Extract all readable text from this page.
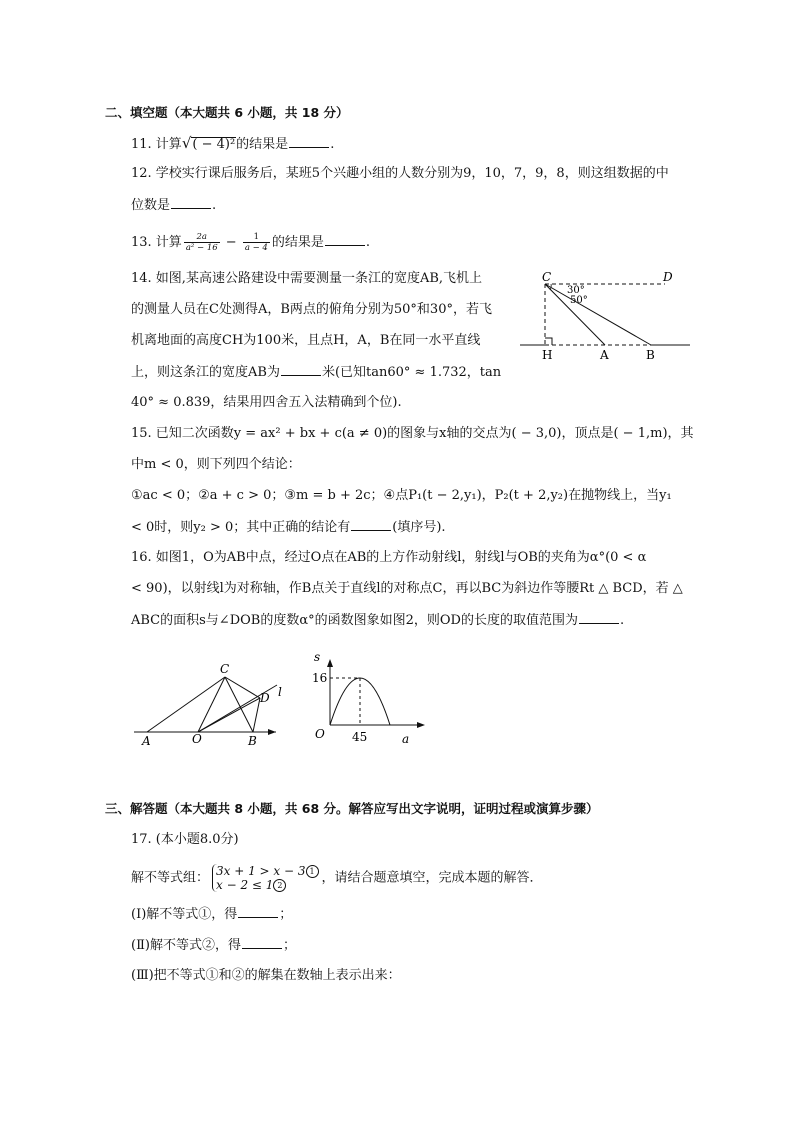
二、填空题（本大题共 6 小题，共 18 分）
11. 计算√( − 4)²的结果是	.
12. 学校实行课后服务后，某班5个兴趣小组的人数分别为9，10，7，9，8，则这组数据的中
位数是	.
13. 计算 $\frac{2a}{\text{a² − 16}} - \frac{1}{a - 4}$ 的结果是	.
14. 如图,某高速公路建设中需要测量一条江的宽度AB,飞机上
的测量人员在C处测得A，B两点的俯角分别为50°和30°，若飞
机离地面的高度CH为100米，且点H，A，B在同一水平直线
上，则这条江的宽度AB为	米(已知tan60° ≈ 1.732，tan
40° ≈ 0.839，结果用四舍五入法精确到个位).
C	D
30°
50°
H	A	B
15. 已知二次函数y = ax² + bx + c(a ≠ 0)的图象与x轴的交点为( − 3,0)，顶点是( − 1,m)，其
中m < 0，则下列四个结论：
①ac < 0；②a + c > 0；③m = b + 2c；④点P₁(t − 2,y₁)，P₂(t + 2,y₂)在抛物线上，当y₁
< 0时，则y₂ > 0；其中正确的结论有	(填序号).
16. 如图1，O为AB中点，经过O点在AB的上方作动射线l，射线l与OB的夹角为α°(0 < α
< 90)，以射线l为对称轴，作B点关于直线l的对称点C，再以BC为斜边作等腰Rt △ BCD，若 △
ABC的面积s与∠DOB的度数α°的函数图象如图2，则OD的长度的取值范围为	.
A	O	B
C
D l
s
16
O 45	a
三、解答题（本大题共 8 小题，共 68 分。解答应写出文字说明，证明过程或演算步骤）
17. (本小题8.0分)
解不等式组： 3x + 1 > x − 3 1
x − 2 ≤ 1 2	，请结合题意填空，完成本题的解答．
(Ⅰ)解不等式①，得	；
(Ⅱ)解不等式②，得	；
(Ⅲ)把不等式①和②的解集在数轴上表示出来：
